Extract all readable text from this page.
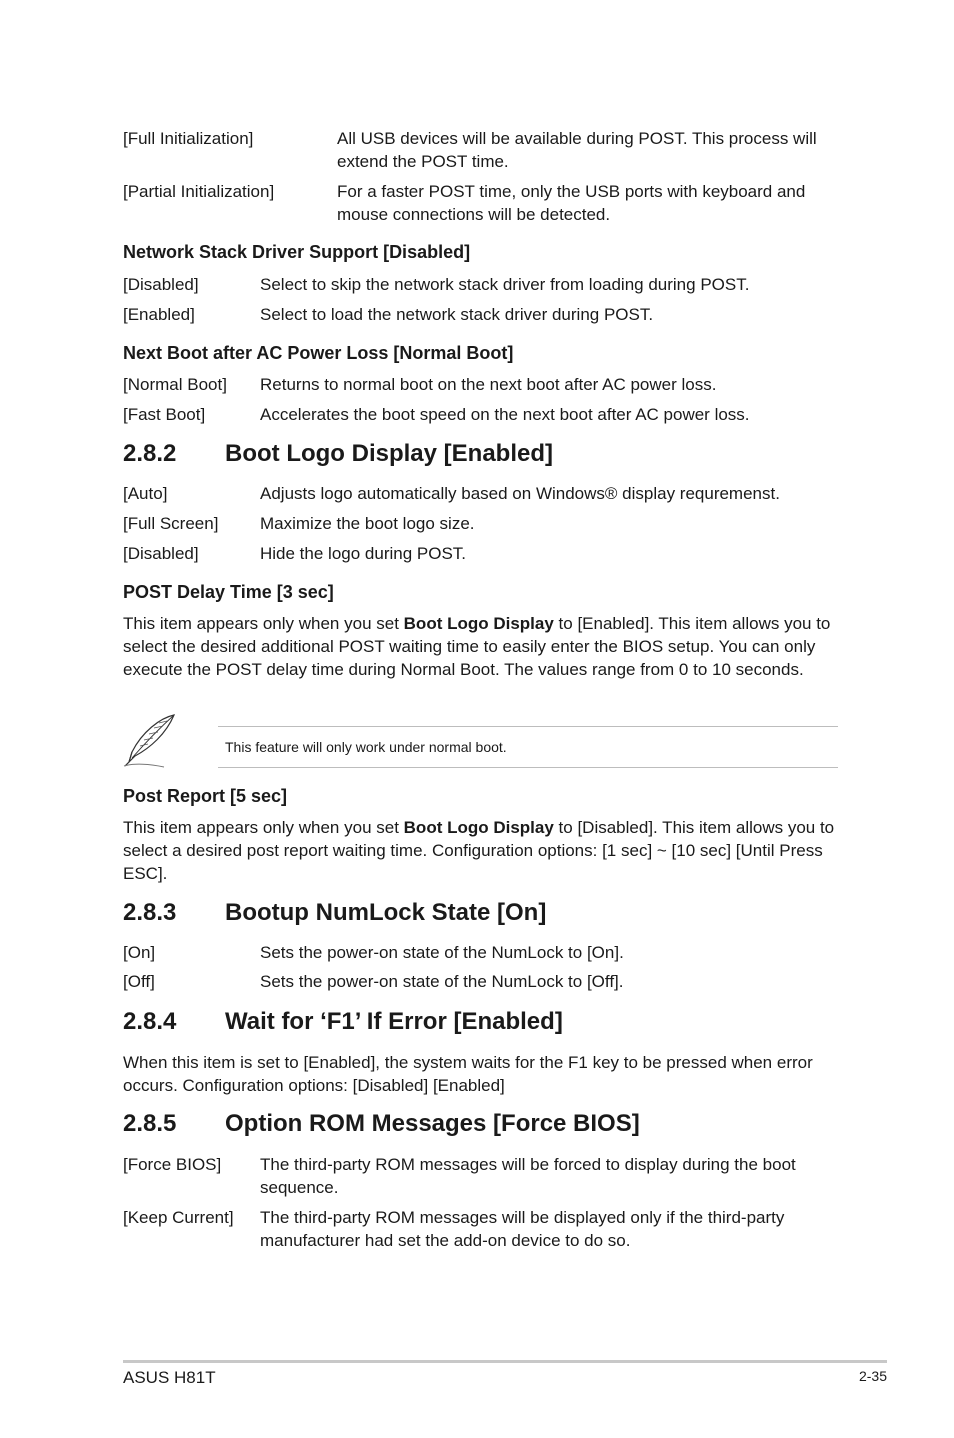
[Full Initialization]	All USB devices will be available during POST. This process will extend the POST time.
[Partial Initialization]	For a faster POST time, only the USB ports with keyboard and mouse connections will be detected.
Network Stack Driver Support [Disabled]
[Disabled]	Select to skip the network stack driver from loading during POST.
[Enabled]	Select to load the network stack driver during POST.
Next Boot after AC Power Loss [Normal Boot]
[Normal Boot] Returns to normal boot on the next boot after AC power loss.
[Fast Boot]	Accelerates the boot speed on the next boot after AC power loss.
2.8.2 Boot Logo Display [Enabled]
[Auto]	Adjusts logo automatically based on Windows® display requremenst.
[Full Screen] Maximize the boot logo size.
[Disabled]	Hide the logo during POST.
POST Delay Time [3 sec]
This item appears only when you set Boot Logo Display to [Enabled]. This item allows you to select the desired additional POST waiting time to easily enter the BIOS setup. You can only execute the POST delay time during Normal Boot. The values range from 0 to 10 seconds.
This feature will only work under normal boot.
Post Report [5 sec]
This item appears only when you set Boot Logo Display to [Disabled]. This item allows you to select a desired post report waiting time. Configuration options: [1 sec] ~ [10 sec] [Until Press ESC].
2.8.3 Bootup NumLock State [On]
[On]	Sets the power-on state of the NumLock to [On].
[Off]	Sets the power-on state of the NumLock to [Off].
2.8.4 Wait for ‘F1’ If Error [Enabled]
When this item is set to [Enabled], the system waits for the F1 key to be pressed when error occurs. Configuration options: [Disabled] [Enabled]
2.8.5 Option ROM Messages [Force BIOS]
[Force BIOS] The third-party ROM messages will be forced to display during the boot sequence.
[Keep Current] The third-party ROM messages will be displayed only if the third-party manufacturer had set the add-on device to do so.
ASUS H81T	2-35
